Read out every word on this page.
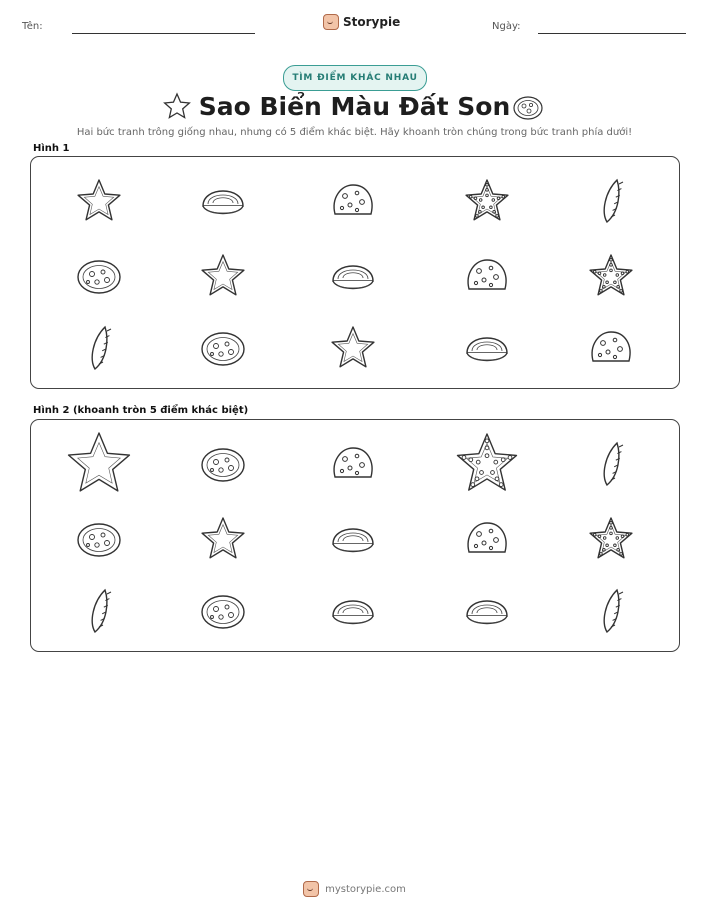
Tên:	Storypie	Ngày:
TÌM ĐIỂM KHÁC NHAU
Sao Biển Màu Đất Son
Hai bức tranh trông giống nhau, nhưng có 5 điểm khác biệt. Hãy khoanh tròn chúng trong bức tranh phía dưới!
Hình 1
Hình 2 (khoanh tròn 5 điểm khác biệt)
mystorypie.com
